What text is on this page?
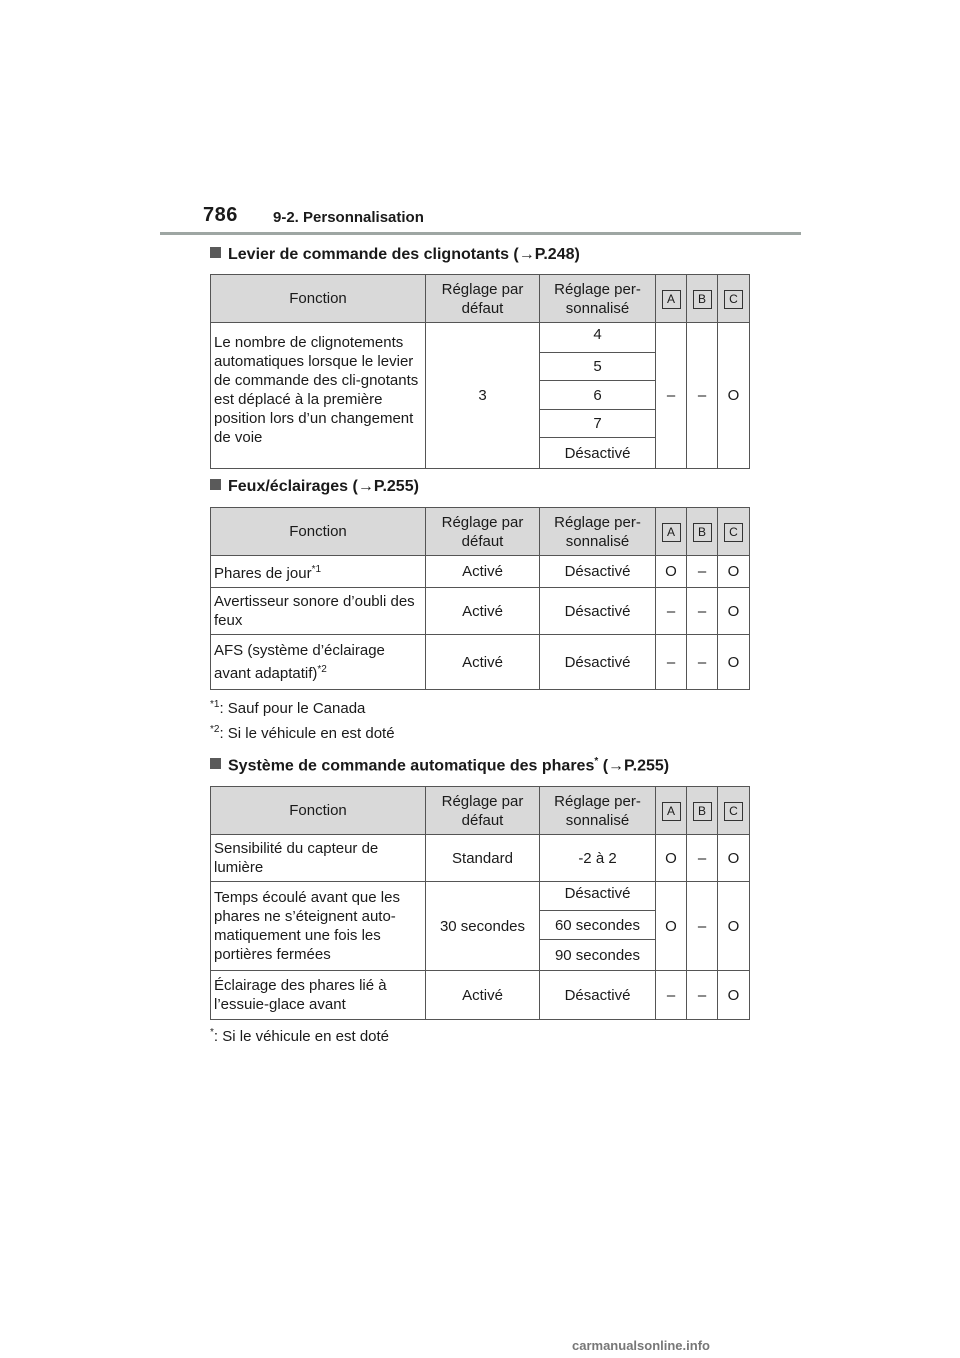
786 9-2. Personnalisation
Levier de commande des clignotants (→P.248)
Fonction	Réglage par défaut	Réglage per-sonnalisé	A	B	C
Le nombre de clignotements automatiques lorsque le levier de commande des cli-gnotants est déplacé à la première position lors d’un changement de voie	3	4	–	–	O
		5			
		6			
		7			
		Désactivé			
Feux/éclairages (→P.255)
Fonction	Réglage par défaut	Réglage per-sonnalisé	A	B	C
Phares de jour$^{*1}$	Activé	Désactivé	O	–	O
Avertisseur sonore d’oubli des feux	Activé	Désactivé	–	–	O
AFS (système d’éclairage avant adaptatif)$^{*2}$	Activé	Désactivé	–	–	O
$^{*1}$: Sauf pour le Canada
$^{*2}$: Si le véhicule en est doté
Système de commande automatique des phares* (→P.255)
Fonction	Réglage par défaut	Réglage per-sonnalisé	A	B	C
Sensibilité du capteur de lumière	Standard	-2 à 2	O	–	O
Temps écoulé avant que les phares ne s’éteignent auto-matiquement une fois les portières fermées	30 secondes	Désactivé	O	–	O
		60 secondes			
		90 secondes			
Éclairage des phares lié à l’essuie-glace avant	Activé	Désactivé	–	–	O
*: Si le véhicule en est doté
carmanualsonline.info
